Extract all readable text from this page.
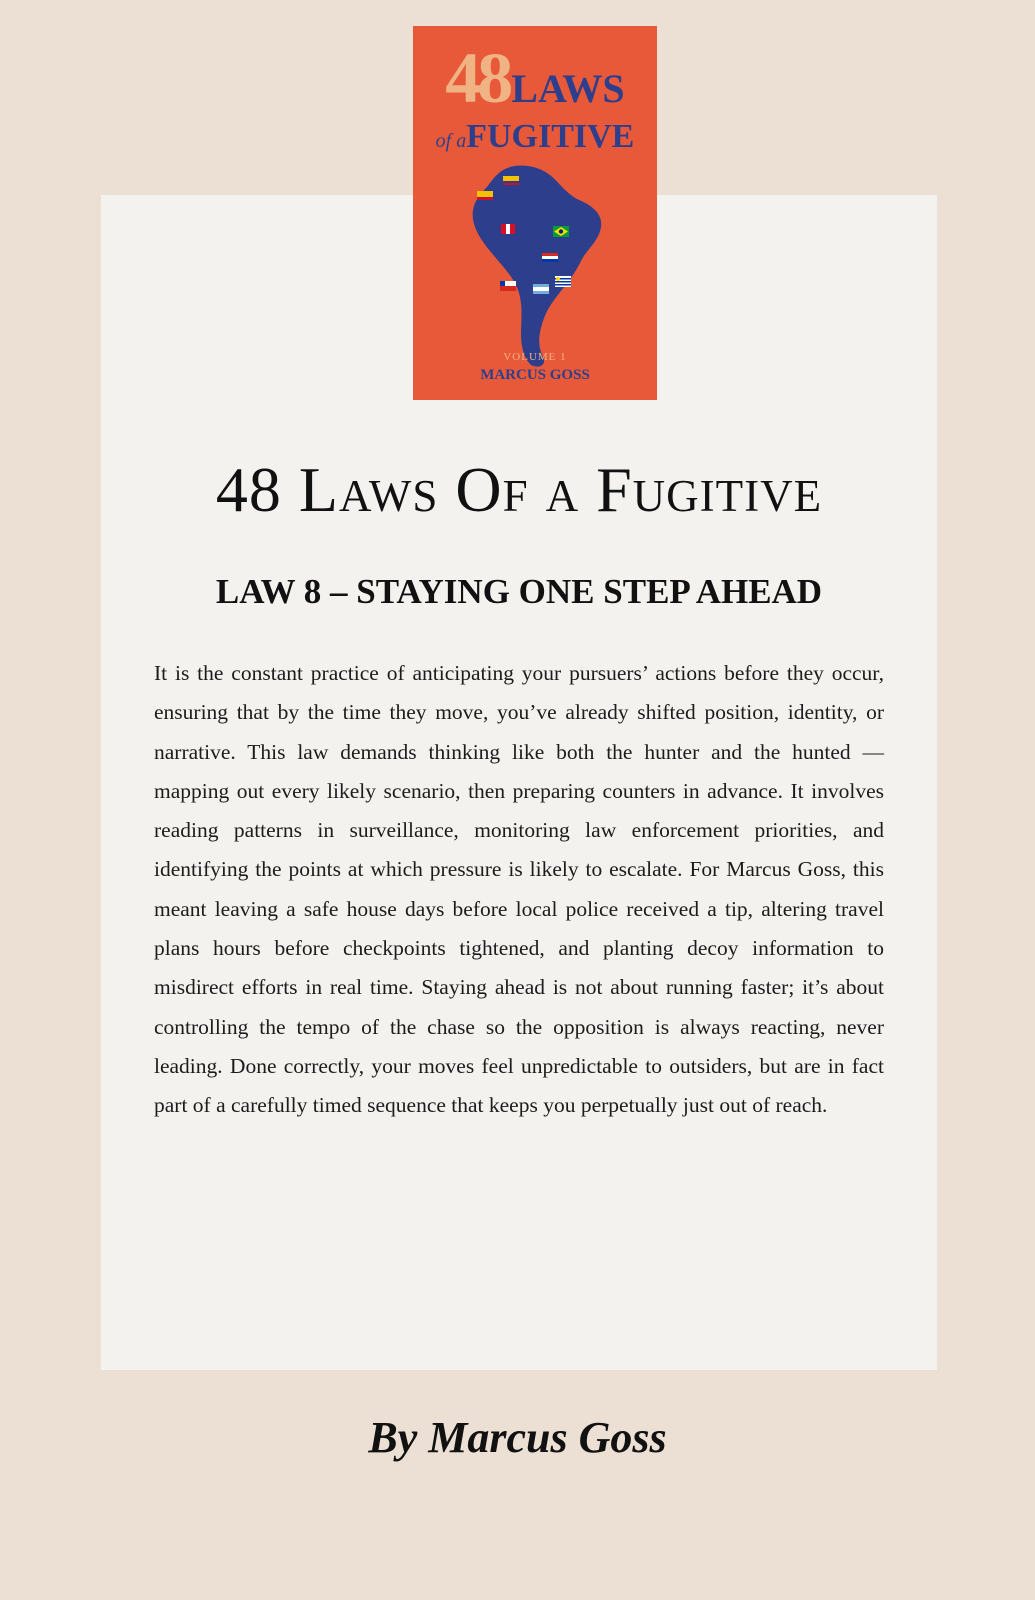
48LAWS
of aFUGITIVE
VOLUME 1
MARCUS GOSS
48 Laws Of a Fugitive
LAW 8 – STAYING ONE STEP AHEAD

It is the constant practice of anticipating your pursuers’ actions before they occur, ensuring that by the time they move, you’ve already shifted position, identity, or narrative. This law demands thinking like both the hunter and the hunted — mapping out every likely scenario, then preparing counters in advance. It involves reading patterns in surveillance, monitoring law enforcement priorities, and identifying the points at which pressure is likely to escalate. For Marcus Goss, this meant leaving a safe house days before local police received a tip, altering travel plans hours before checkpoints tightened, and planting decoy information to misdirect efforts in real time. Staying ahead is not about running faster; it’s about controlling the tempo of the chase so the opposition is always reacting, never leading. Done correctly, your moves feel unpredictable to outsiders, but are in fact part of a carefully timed sequence that keeps you perpetually just out of reach.

By Marcus Goss
